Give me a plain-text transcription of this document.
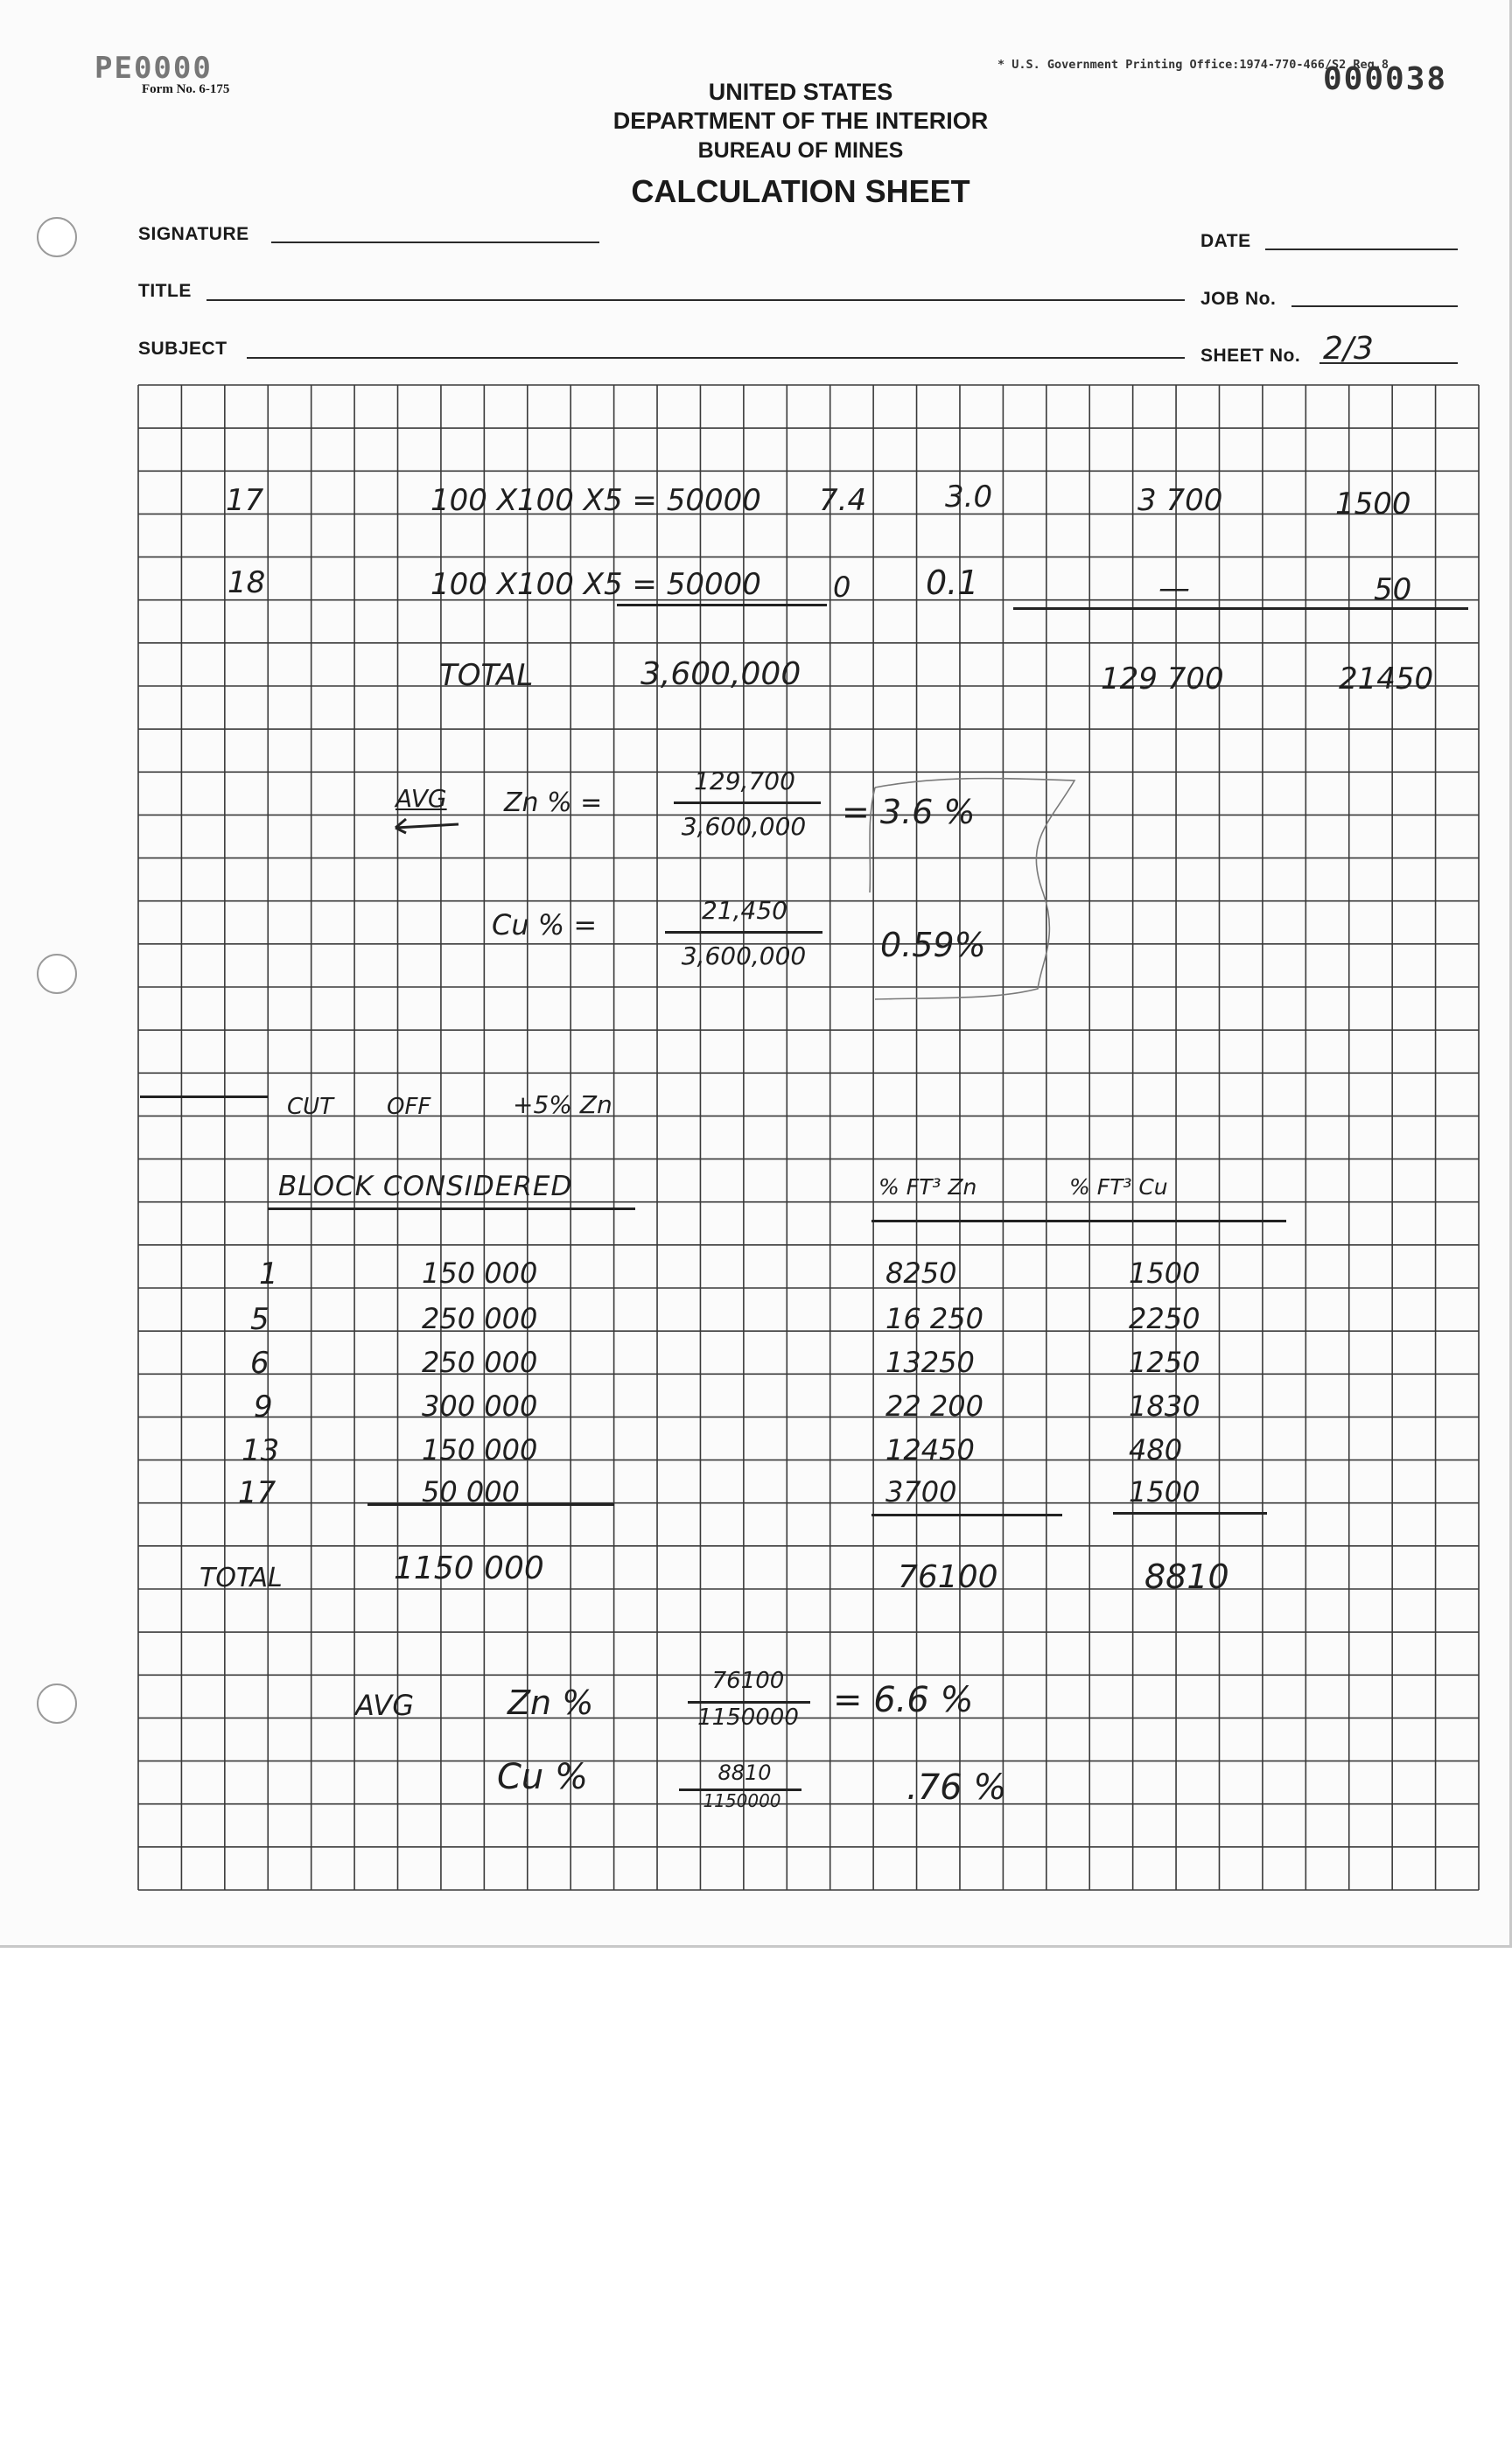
PE0000
Form No. 6-175
* U.S. Government Printing Office:1974-770-466/S2 Reg.8
000038
UNITED STATES
DEPARTMENT OF THE INTERIOR
BUREAU OF MINES
CALCULATION SHEET
SIGNATURE	DATE
TITLE	JOB No.
SUBJECT	SHEET No. 2/3
17	100 X100 X5 = 50000 7.4	3.0	3 700	1500
18	100 X100 X5 = 50000	0 0.1	—	50
TOTAL	3,600,000	129 700	21450
AVG Zn % =
129,700
3,600,000	= 3.6 %
Cu % =	21,450
3,600,000	0.59%
CUT OFF	+5% Zn
BLOCK CONSIDERED	% FT³ Zn	% FT³ Cu
1	150 000	8250	1500
5	250 000	16 250	2250
6	250 000	13250	1250
9	300 000	22 200	1830
13	150 000	12450	480
17	50 000	3700	1500
TOTAL	1150 000	76100	8810
AVG	Zn %
76100
1150000 = 6.6 %
Cu %	8810
1150000	.76 %
